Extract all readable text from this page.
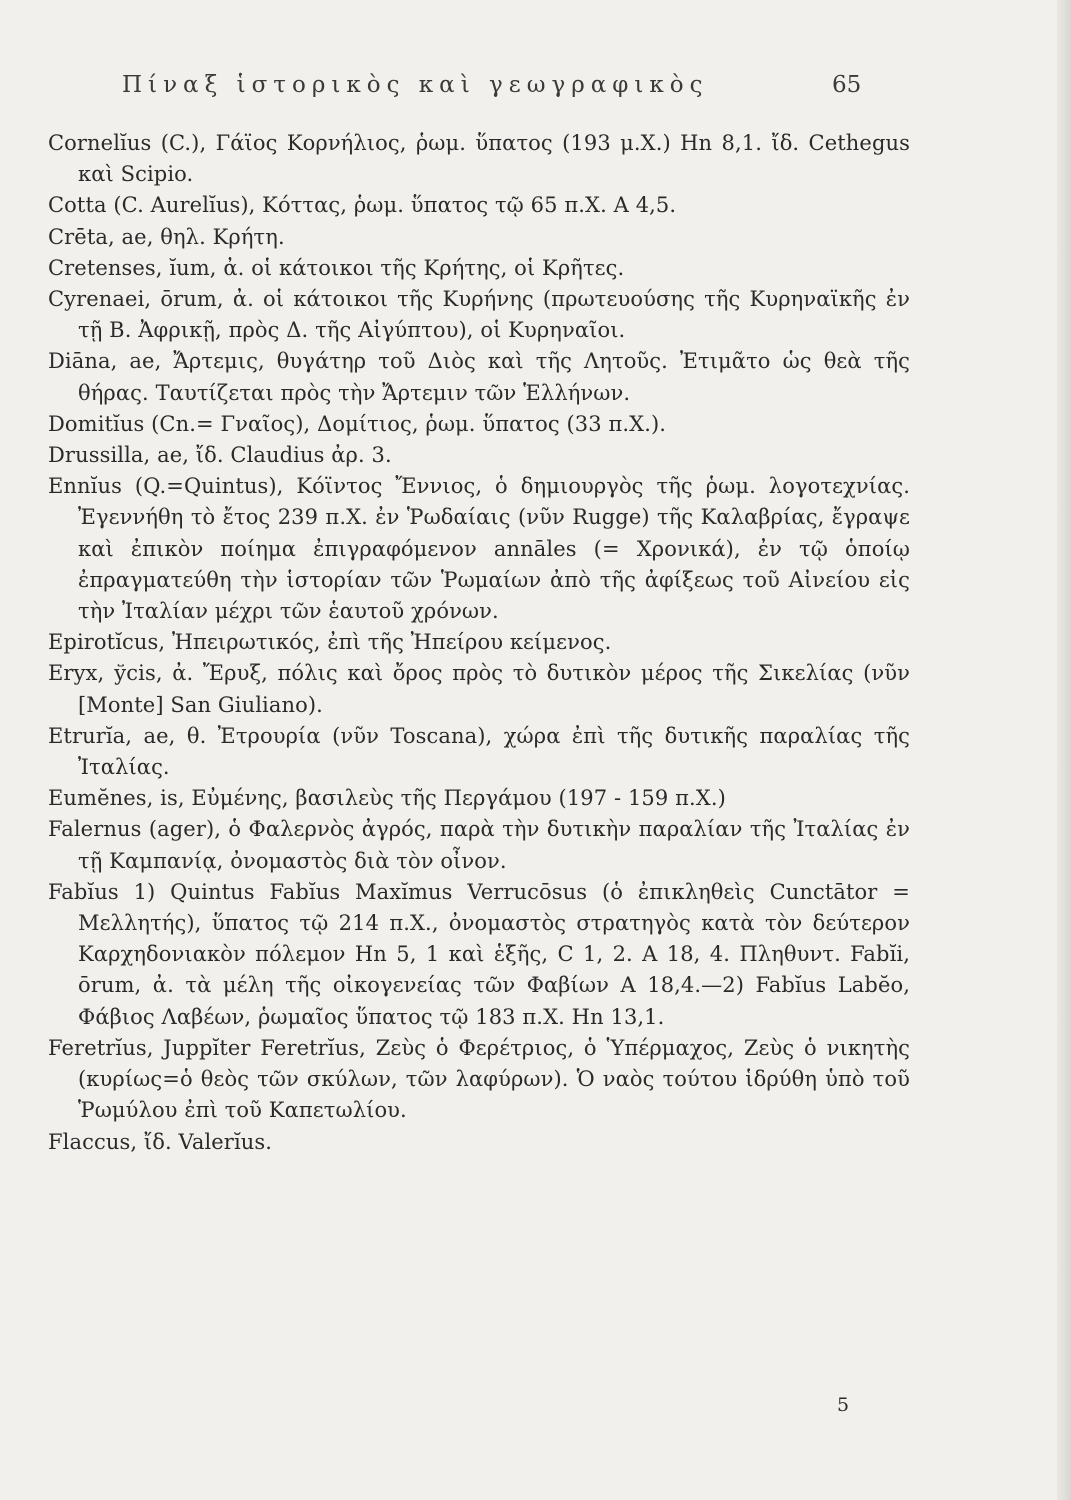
Πίναξ ἱστορικὸς καὶ γεωγραφικὸς	65

Cornelĭus (C.), Γάϊος Κορνήλιος, ῥωμ. ὕπατος (193 μ.Χ.) Hn 8,1. ἴδ. Cethegus καὶ Scipio.

Cotta (C. Aurelĭus), Κόττας, ῥωμ. ὕπατος τῷ 65 π.Χ. A 4,5.

Crēta, ae, θηλ. Κρήτη.

Cretenses, ĭum, ἀ. οἱ κάτοικοι τῆς Κρήτης, οἱ Κρῆτες.

Cyrenaei, ōrum, ἀ. οἱ κάτοικοι τῆς Κυρήνης (πρωτευούσης τῆς Κυρηναϊκῆς ἐν τῇ Β. Ἀφρικῇ, πρὸς Δ. τῆς Αἰγύπτου), οἱ Κυρηναῖοι.

Diāna, ae, Ἄρτεμις, θυγάτηρ τοῦ Διὸς καὶ τῆς Λητοῦς. Ἐτιμᾶτο ὡς θεὰ τῆς θήρας. Ταυτίζεται πρὸς τὴν Ἄρτεμιν τῶν Ἑλλήνων.

Domitĭus (Cn.= Γναῖος), Δομίτιος, ῥωμ. ὕπατος (33 π.Χ.).

Drussilla, ae, ἴδ. Claudius ἀρ. 3.

Ennĭus (Q.=Quintus), Κόϊντος Ἔννιος, ὁ δημιουργὸς τῆς ῥωμ. λογοτεχνίας. Ἐγεννήθη τὸ ἔτος 239 π.Χ. ἐν Ῥωδαίαις (νῦν Rugge) τῆς Καλαβρίας, ἔγραψε καὶ ἐπικὸν ποίημα ἐπιγραφόμενον annāles (= Χρονικά), ἐν τῷ ὁποίῳ ἐπραγματεύθη τὴν ἱστορίαν τῶν Ῥωμαίων ἀπὸ τῆς ἀφίξεως τοῦ Αἰνείου εἰς τὴν Ἰταλίαν μέχρι τῶν ἑαυτοῦ χρόνων.

Epirotĭcus, Ἠπειρωτικός, ἐπὶ τῆς Ἠπείρου κείμενος.

Eryx, ўcis, ἀ. Ἔρυξ, πόλις καὶ ὄρος πρὸς τὸ δυτικὸν μέρος τῆς Σικελίας (νῦν [Monte] San Giuliano).

Etrurĭa, ae, θ. Ἐτρουρία (νῦν Toscana), χώρα ἐπὶ τῆς δυτικῆς παραλίας τῆς Ἰταλίας.

Eumĕnes, is, Εὐμένης, βασιλεὺς τῆς Περγάμου (197 - 159 π.Χ.)

Falernus (ager), ὁ Φαλερνὸς ἀγρός, παρὰ τὴν δυτικὴν παραλίαν τῆς Ἰταλίας ἐν τῇ Καμπανίᾳ, ὀνομαστὸς διὰ τὸν οἶνον.

Fabĭus 1) Quintus Fabĭus Maxĭmus Verrucōsus (ὁ ἐπικληθεὶς Cunctātor = Μελλητής), ὕπατος τῷ 214 π.Χ., ὀνομαστὸς στρατηγὸς κατὰ τὸν δεύτερον Καρχηδονιακὸν πόλεμον Hn 5, 1 καὶ ἑξῆς, C 1, 2. A 18, 4. Πληθυντ. Fabĭi, ōrum, ἀ. τὰ μέλη τῆς οἰκογενείας τῶν Φαβίων A 18,4.—2) Fabĭus Labĕo, Φάβιος Λαβέων, ῥωμαῖος ὕπατος τῷ 183 π.Χ. Hn 13,1.

Feretrĭus, Juppĭter Feretrĭus, Ζεὺς ὁ Φερέτριος, ὁ Ὑπέρμαχος, Ζεὺς ὁ νικητὴς (κυρίως=ὁ θεὸς τῶν σκύλων, τῶν λαφύρων). Ὁ ναὸς τούτου ἱδρύθη ὑπὸ τοῦ Ῥωμύλου ἐπὶ τοῦ Καπετωλίου.

Flaccus, ἴδ. Valerĭus.

5
